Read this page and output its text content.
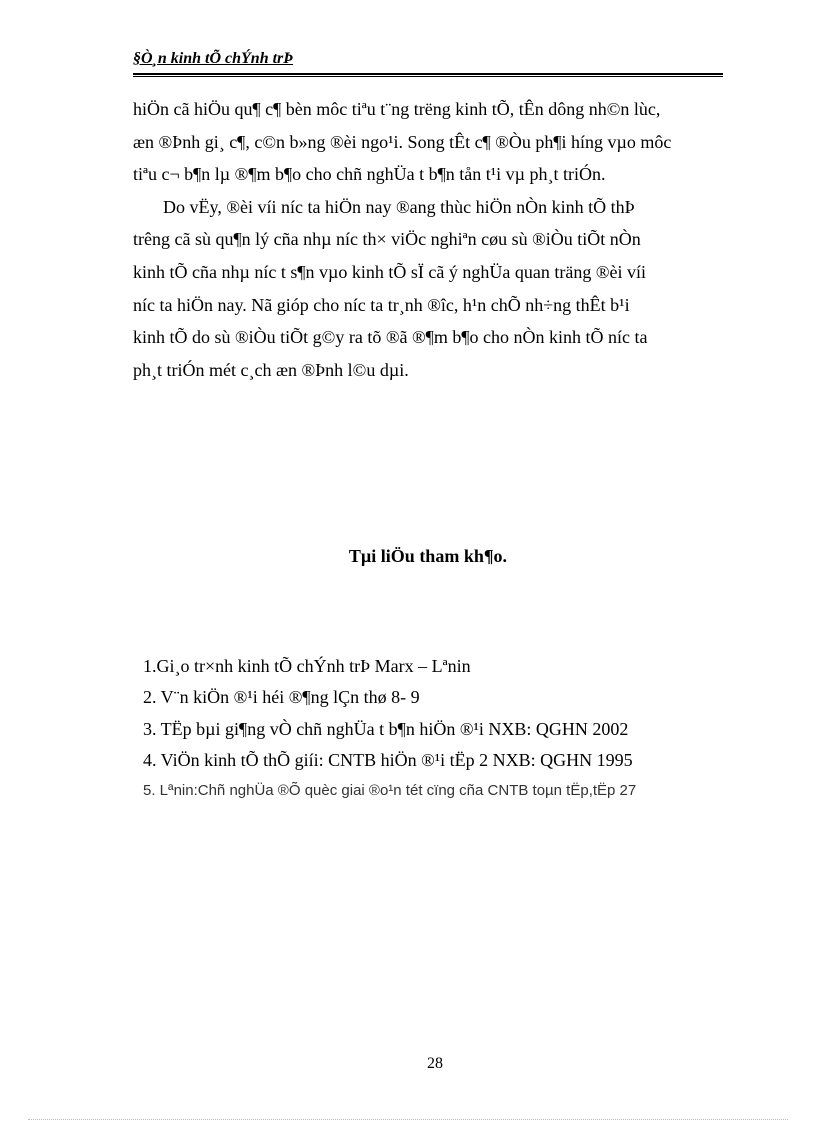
§Ò¸n kinh tÕ chÝnh trÞ

hiÖn cã hiÖu qu¶ c¶ bèn môc tiªu t¨ng trëng kinh tÕ, tÊn dông nh©n lùc,

æn ®Þnh gi¸ c¶, c©n b»ng ®èi ngo¹i. Song tÊt c¶ ®Òu ph¶i híng vµo môc

tiªu c¬ b¶n lµ ®¶m b¶o cho chñ nghÜa t b¶n tån t¹i vµ ph¸t triÓn.

Do vËy, ®èi víi níc ta hiÖn nay ®ang thùc hiÖn nÒn kinh tÕ thÞ

trêng cã sù qu¶n lý cña nhµ níc th× viÖc nghiªn cøu sù ®iÒu tiÕt nÒn

kinh tÕ cña nhµ níc t s¶n vµo kinh tÕ sÏ cã ý nghÜa quan träng ®èi víi

níc ta hiÖn nay. Nã gióp cho níc ta tr¸nh ®îc, h¹n chÕ nh÷ng thÊt b¹i

kinh tÕ do sù ®iÒu tiÕt g©y ra tõ ®ã ®¶m b¶o cho nÒn kinh tÕ níc ta

ph¸t triÓn mét c¸ch æn ®Þnh l©u dµi.

Tµi liÖu tham kh¶o.

1.Gi¸o tr×nh kinh tÕ chÝnh trÞ Marx – Lªnin

2. V¨n kiÖn ®¹i héi ®¶ng lÇn thø 8- 9

3. TËp bµi gi¶ng vÒ chñ nghÜa t b¶n hiÖn ®¹i NXB: QGHN 2002

4. ViÖn kinh tÕ thÕ giíi: CNTB hiÖn ®¹i tËp 2 NXB: QGHN 1995

5. Lªnin:Chñ nghÜa ®Õ quèc giai ®o¹n tét cïng cña CNTB toµn tËp,tËp 27

28
